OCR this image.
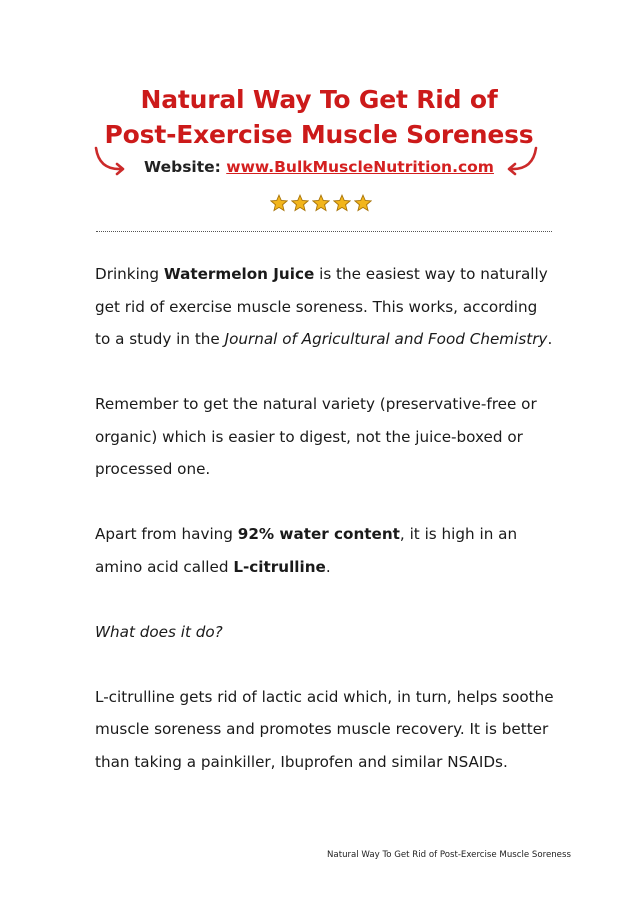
Natural Way To Get Rid of
Post-Exercise Muscle Soreness
Website: www.BulkMuscleNutrition.com

Drinking Watermelon Juice is the easiest way to naturally get rid of exercise muscle soreness. This works, according to a study in the Journal of Agricultural and Food Chemistry.

Remember to get the natural variety (preservative-free or organic) which is easier to digest, not the juice-boxed or processed one.

Apart from having 92% water content, it is high in an amino acid called L-citrulline.

What does it do?

L-citrulline gets rid of lactic acid which, in turn, helps soothe muscle soreness and promotes muscle recovery. It is better than taking a painkiller, Ibuprofen and similar NSAIDs.

Natural Way To Get Rid of Post-Exercise Muscle Soreness
